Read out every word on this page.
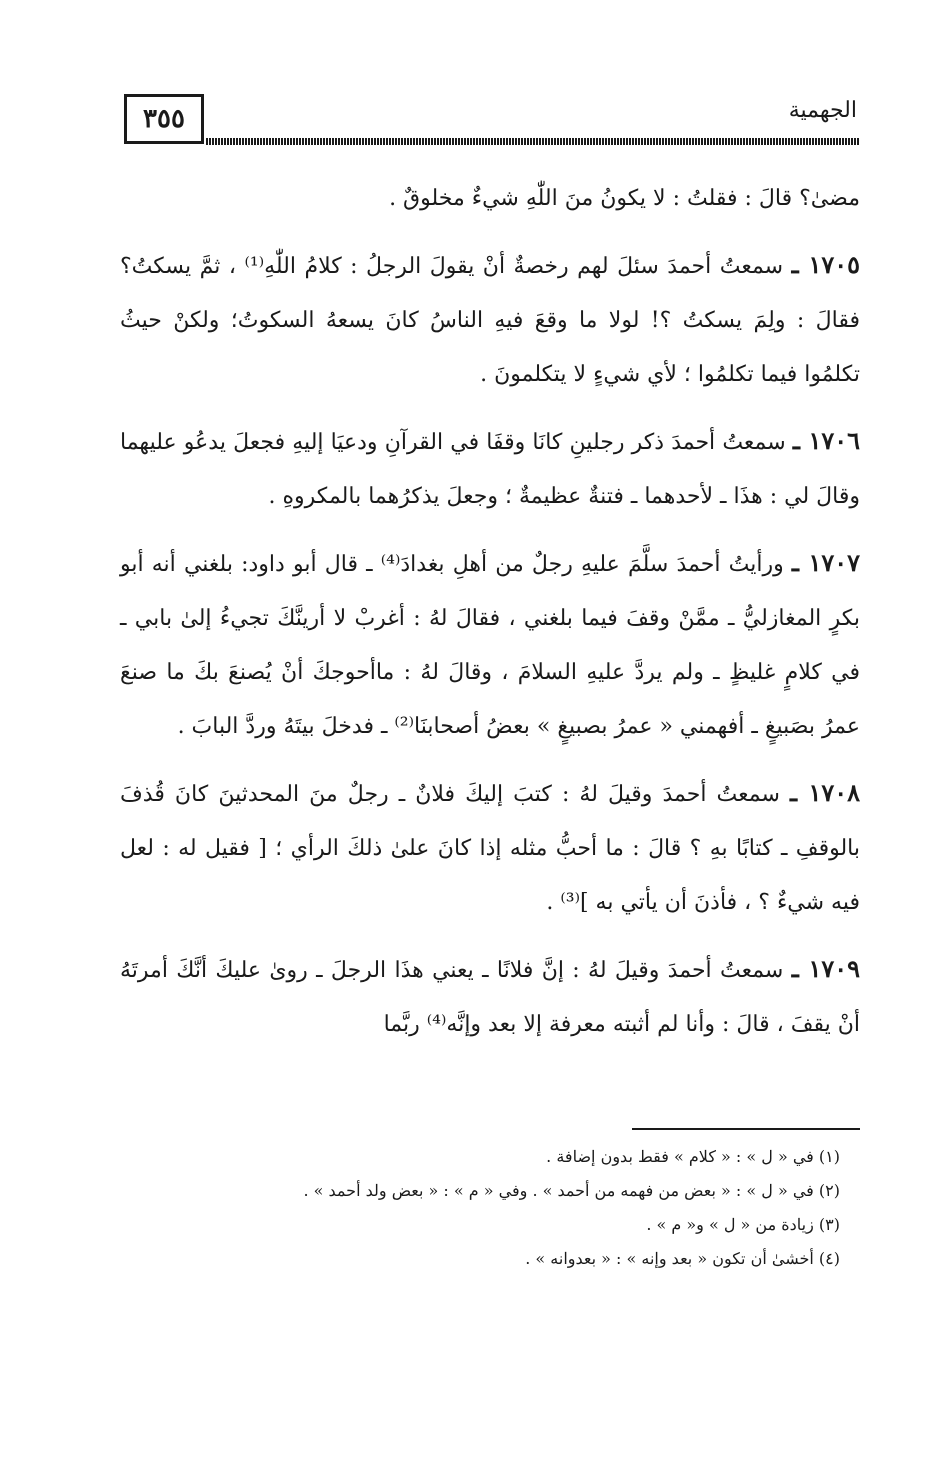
٣٥٥	الجهمية

مضىٰ؟ قالَ : فقلتُ : لا يكونُ منَ اللّٰهِ شيءٌ مخلوقٌ .

١٧٠٥ ـ سمعتُ أحمدَ سئلَ لهم رخصةٌ أنْ يقولَ الرجلُ : كلامُ اللّٰهِ⁽¹⁾ ، ثمَّ يسكتُ؟ فقالَ : ولِمَ يسكتُ ؟! لولا ما وقعَ فيهِ الناسُ كانَ يسعهُ السكوتُ؛ ولكنْ حيثُ تكلمُوا فيما تكلمُوا ؛ لأي شيءٍ لا يتكلمونَ .

١٧٠٦ ـ سمعتُ أحمدَ ذكر رجلينِ كانَا وقفَا في القرآنِ ودعيَا إليهِ فجعلَ يدعُو عليهما وقالَ لي : هذَا ـ لأحدهما ـ فتنةٌ عظيمةٌ ؛ وجعلَ يذكرُهما بالمكروهِ .

١٧٠٧ ـ ورأيتُ أحمدَ سلَّمَ عليهِ رجلٌ من أهلِ بغدادَ⁽⁴⁾ ـ قال أبو داود: بلغني أنه أبو بكرٍ المغازليُّ ـ ممَّنْ وقفَ فيما بلغني ، فقالَ لهُ : أغربْ لا أرينَّكَ تجيءُ إلىٰ بابي ـ في كلامٍ غليظٍ ـ ولم يردَّ عليهِ السلامَ ، وقالَ لهُ : ماأحوجكَ أنْ يُصنعَ بكَ ما صنعَ عمرُ بصَبيغٍ ـ أفهمني « عمرُ بصبيغٍ » بعضُ أصحابنَا⁽²⁾ ـ فدخلَ بيتَهُ وردَّ البابَ .

١٧٠٨ ـ سمعتُ أحمدَ وقيلَ لهُ : كتبَ إليكَ فلانٌ ـ رجلٌ منَ المحدثينَ كانَ قُذفَ بالوقفِ ـ كتابًا بهِ ؟ قالَ : ما أحبُّ مثله إذا كانَ علىٰ ذلكَ الرأي ؛ [ فقيل له : لعل فيه شيءٌ ؟ ، فأذنَ أن يأتي به ]⁽³⁾ .

١٧٠٩ ـ سمعتُ أحمدَ وقيلَ لهُ : إنَّ فلانًا ـ يعني هذَا الرجلَ ـ روىٰ عليكَ أنَّكَ أمرتَهُ أنْ يقفَ ، قالَ : وأنا لم أثبته معرفة إلا بعد وإنَّه⁽⁴⁾ ربَّما

(١) في « ل » : « كلام » فقط بدون إضافة .
(٢) في « ل » : « بعض من فهمه من أحمد » . وفي « م » : « بعض ولد أحمد » .
(٣) زيادة من « ل » و« م » .
(٤) أخشىٰ أن تكون « بعد وإنه » : « بعدوانه » .
